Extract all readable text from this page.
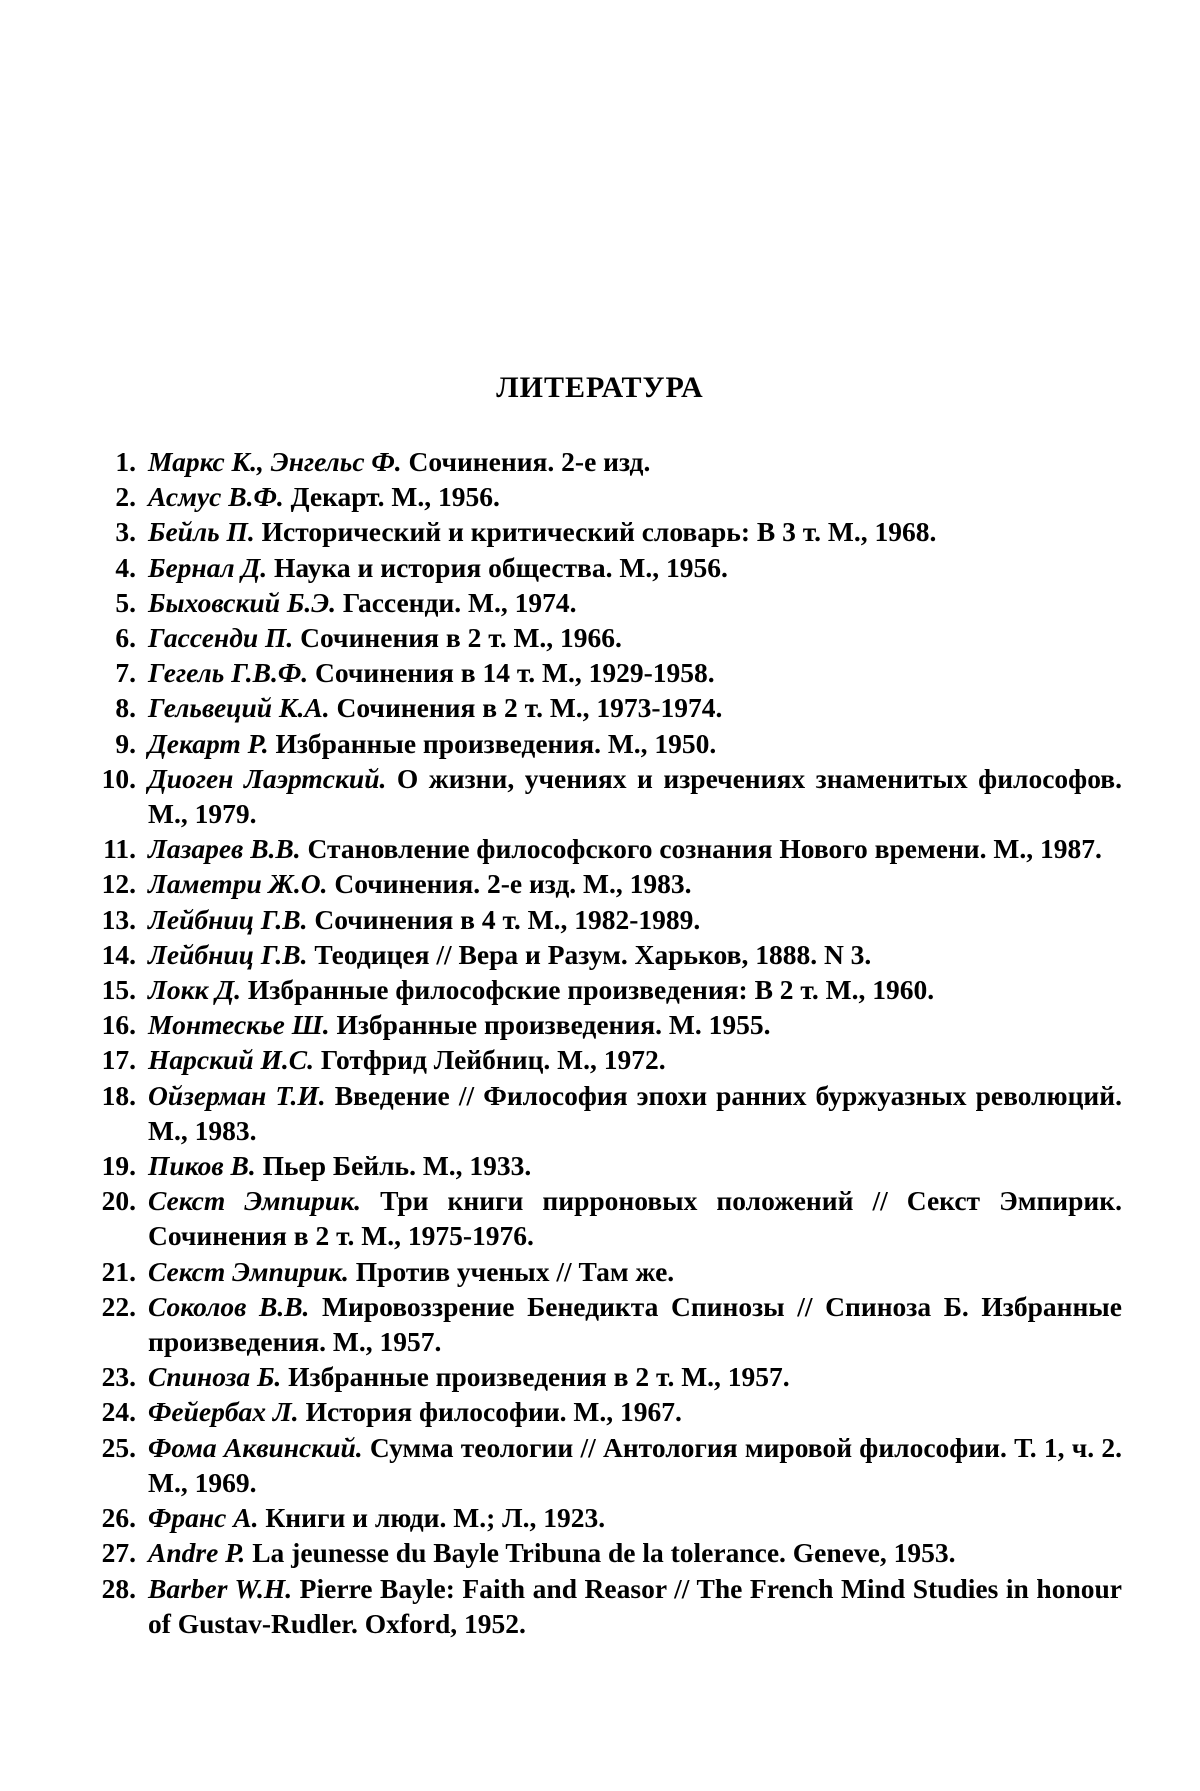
ЛИТЕРАТУРА
1. Маркс К., Энгельс Ф. Сочинения. 2-е изд.
2. Асмус В.Ф. Декарт. М., 1956.
3. Бейль П. Исторический и критический словарь: В 3 т. М., 1968.
4. Бернал Д. Наука и история общества. М., 1956.
5. Быховский Б.Э. Гассенди. М., 1974.
6. Гассенди П. Сочинения в 2 т. М., 1966.
7. Гегель Г.В.Ф. Сочинения в 14 т. М., 1929-1958.
8. Гельвеций К.А. Сочинения в 2 т. М., 1973-1974.
9. Декарт Р. Избранные произведения. М., 1950.
10. Диоген Лаэртский. О жизни, учениях и изречениях знаменитых философов. М., 1979.
11. Лазарев В.В. Становление философского сознания Нового времени. М., 1987.
12. Ламетри Ж.О. Сочинения. 2-е изд. М., 1983.
13. Лейбниц Г.В. Сочинения в 4 т. М., 1982-1989.
14. Лейбниц Г.В. Теодицея // Вера и Разум. Харьков, 1888. N 3.
15. Локк Д. Избранные философские произведения: В 2 т. М., 1960.
16. Монтескье Ш. Избранные произведения. М. 1955.
17. Нарский И.С. Готфрид Лейбниц. М., 1972.
18. Ойзерман Т.И. Введение // Философия эпохи ранних буржуазных революций. М., 1983.
19. Пиков В. Пьер Бейль. М., 1933.
20. Секст Эмпирик. Три книги пирроновых положений // Секст Эмпирик. Сочинения в 2 т. М., 1975-1976.
21. Секст Эмпирик. Против ученых // Там же.
22. Соколов В.В. Мировоззрение Бенедикта Спинозы // Спиноза Б. Избранные произведения. М., 1957.
23. Спиноза Б. Избранные произведения в 2 т. М., 1957.
24. Фейербах Л. История философии. М., 1967.
25. Фома Аквинский. Сумма теологии // Антология мировой философии. Т. 1, ч. 2. М., 1969.
26. Франс А. Книги и люди. М.; Л., 1923.
27. Andre P. La jeunesse du Bayle Tribuna de la tolerance. Geneve, 1953.
28. Barber W.H. Pierre Bayle: Faith and Reasor // The French Mind Studies in honour of Gustav-Rudler. Oxford, 1952.
